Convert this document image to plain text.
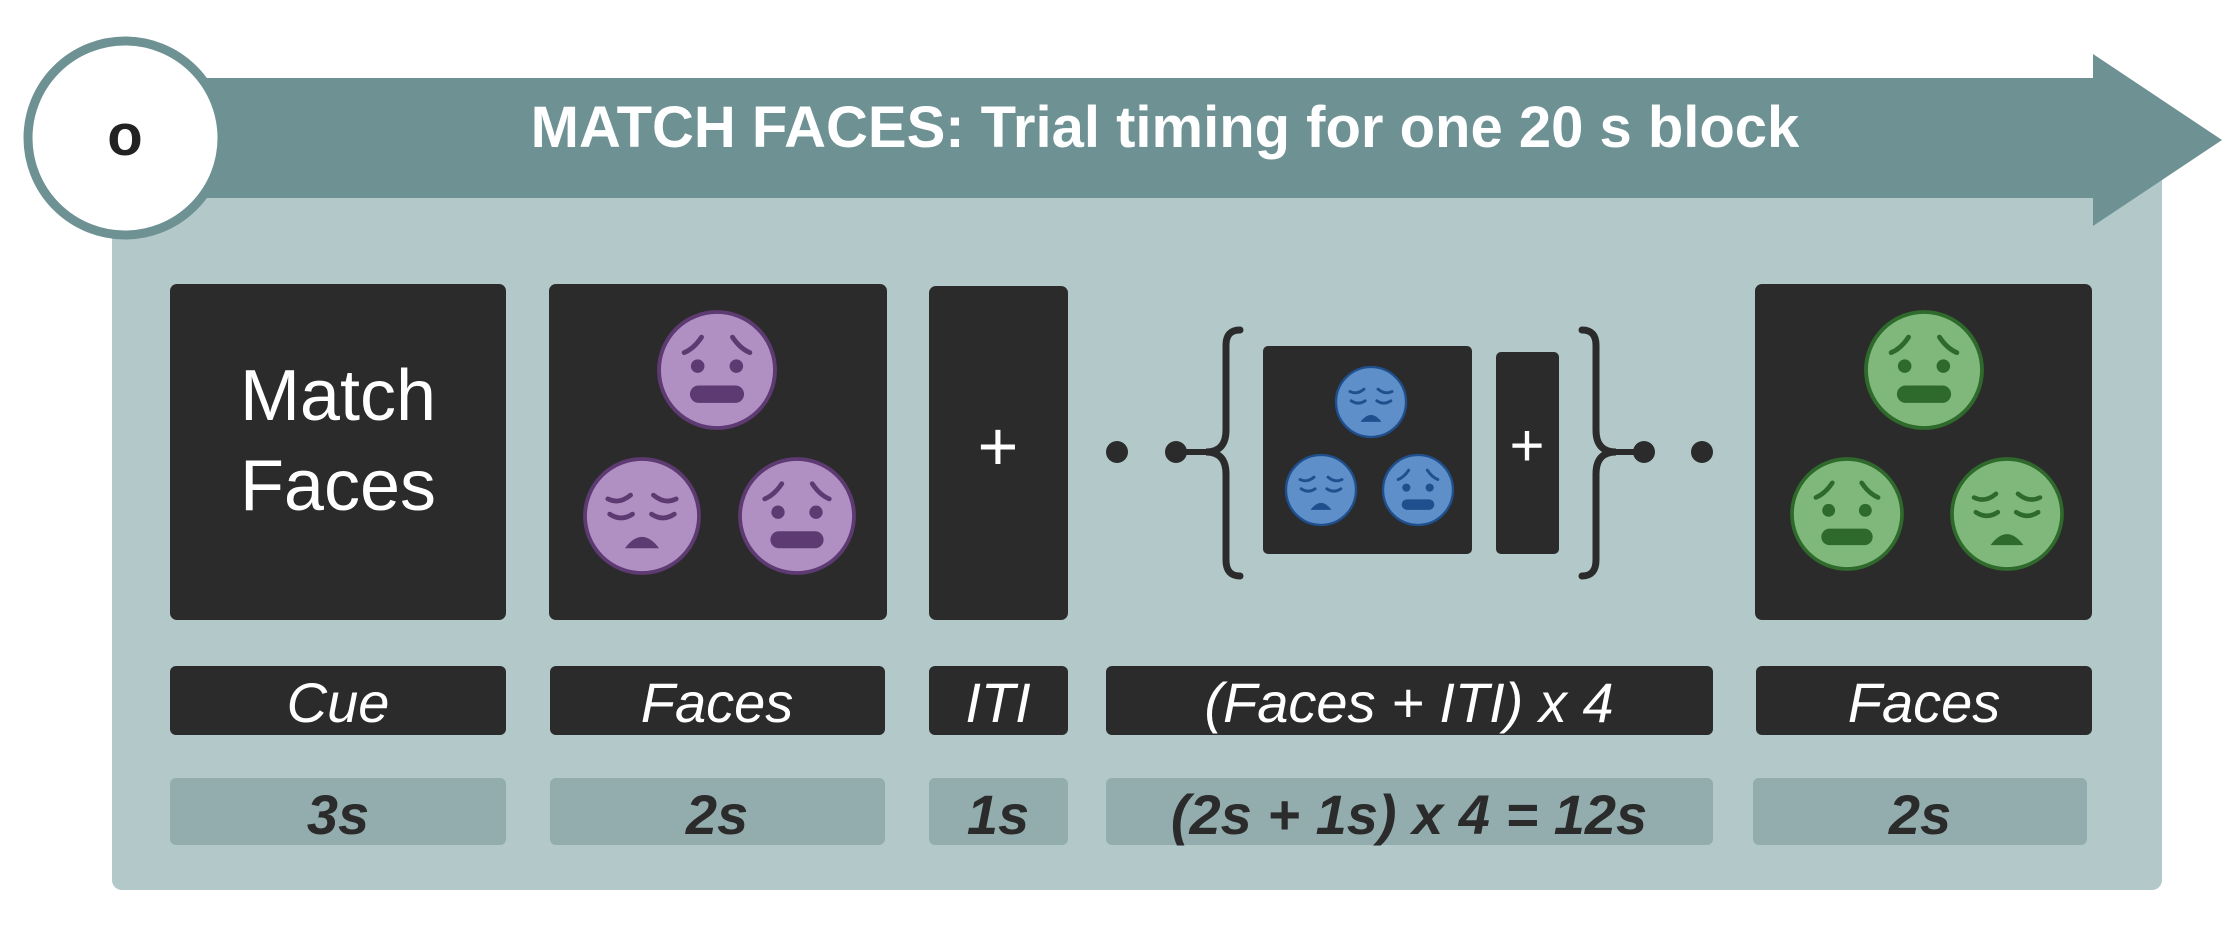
MATCH FACES: Trial timing for one 20 s block
o
Match
Faces	+	+
Cue	Faces	ITI	(Faces + ITI) x 4	Faces
3s	2s	1s	(2s + 1s) x 4 = 12s	2s
